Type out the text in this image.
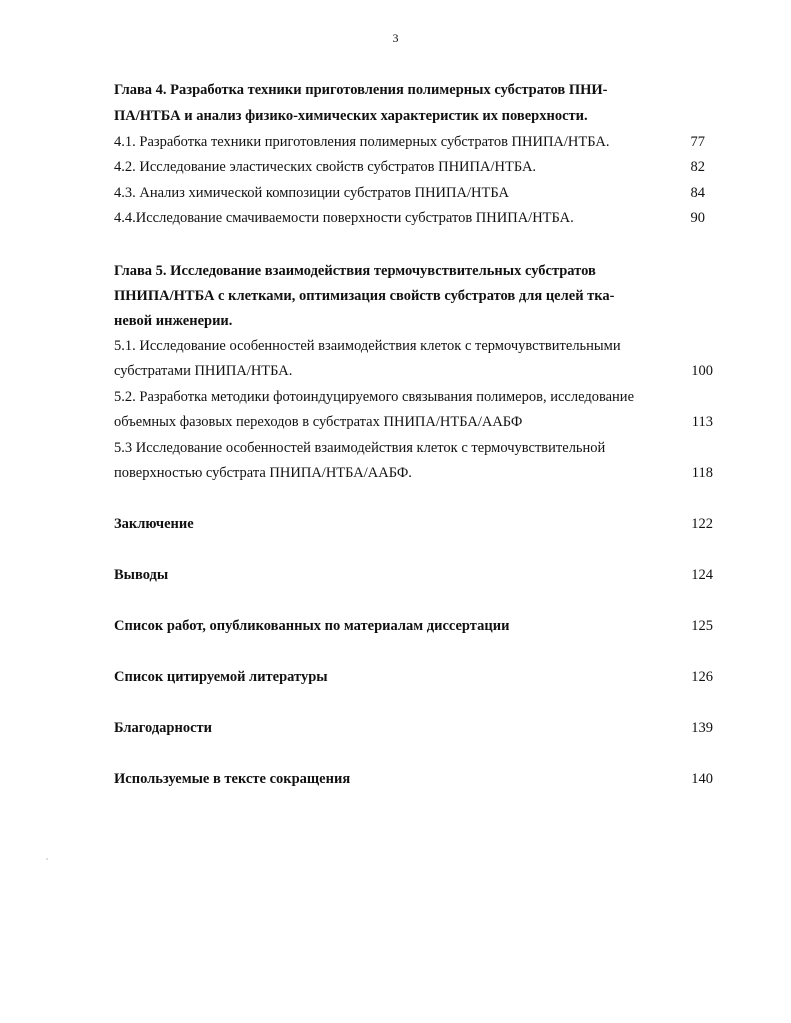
3
Глава 4. Разработка техники приготовления полимерных субстратов ПНИ-
ПА/НТБА и анализ физико-химических характеристик их поверхности.
4.1. Разработка техники приготовления полимерных субстратов ПНИПА/НТБА.	77
4.2. Исследование эластических свойств субстратов ПНИПА/НТБА.	82
4.3. Анализ химической композиции субстратов ПНИПА/НТБА	84
4.4.Исследование смачиваемости поверхности субстратов ПНИПА/НТБА.	90
Глава 5. Исследование взаимодействия термочувствительных субстратов
ПНИПА/НТБА с клетками, оптимизация свойств субстратов для целей тка-
невой инженерии.
5.1. Исследование особенностей взаимодействия клеток с термочувствительными
субстратами ПНИПА/НТБА.	100
5.2. Разработка методики фотоиндуцируемого связывания полимеров, исследование
объемных фазовых переходов в субстратах ПНИПА/НТБА/ААБФ	113
5.3 Исследование особенностей взаимодействия клеток с термочувствительной
поверхностью субстрата ПНИПА/НТБА/ААБФ.	118
Заключение	122
Выводы	124
Список работ, опубликованных по материалам диссертации	125
Список цитируемой литературы	126
Благодарности	139
Используемые в тексте сокращения	140
